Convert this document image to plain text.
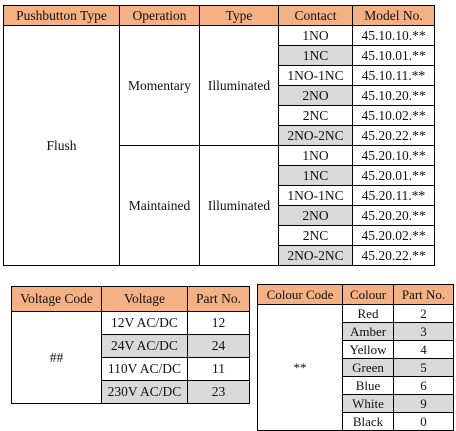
Pushbutton Type	Operation	Type	Contact	Model No.
Flush	Momentary	Illuminated	1NO	45.10.10.**
			1NC	45.10.01.**
			1NO-1NC	45.10.11.**
			2NO	45.10.20.**
			2NC	45.10.02.**
			2NO-2NC	45.20.22.**
	Maintained	Illuminated	1NO	45.20.10.**
			1NC	45.20.01.**
			1NO-1NC	45.20.11.**
			2NO	45.20.20.**
			2NC	45.20.02.**
			2NO-2NC	45.20.22.**
Voltage Code	Voltage	Part No.
##	12V AC/DC	12
	24V AC/DC	24
	110V AC/DC	11
	230V AC/DC	23
Colour Code	Colour	Part No.
**	Red	2
	Amber	3
	Yellow	4
	Green	5
	Blue	6
	White	9
	Black	0
